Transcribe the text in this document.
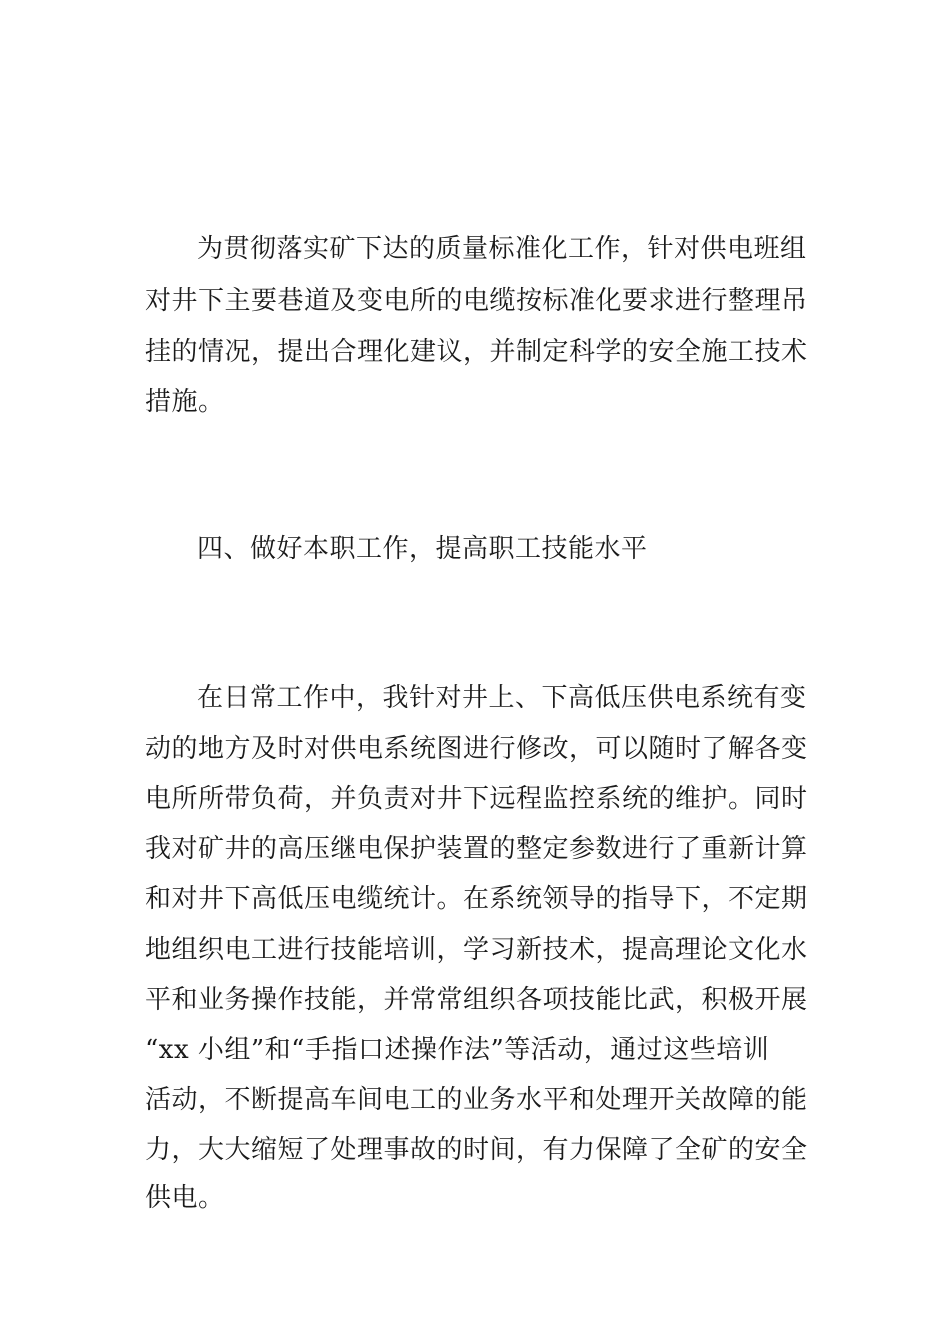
为贯彻落实矿下达的质量标准化工作，针对供电班组
对井下主要巷道及变电所的电缆按标准化要求进行整理吊
挂的情况，提出合理化建议，并制定科学的安全施工技术
措施。
四、做好本职工作，提高职工技能水平
在日常工作中，我针对井上、下高低压供电系统有变
动的地方及时对供电系统图进行修改，可以随时了解各变
电所所带负荷，并负责对井下远程监控系统的维护。同时
我对矿井的高压继电保护装置的整定参数进行了重新计算
和对井下高低压电缆统计。在系统领导的指导下，不定期
地组织电工进行技能培训，学习新技术，提高理论文化水
平和业务操作技能，并常常组织各项技能比武，积极开展
“xx 小组”和“手指口述操作法”等活动，通过这些培训
活动，不断提高车间电工的业务水平和处理开关故障的能
力，大大缩短了处理事故的时间，有力保障了全矿的安全
供电。
